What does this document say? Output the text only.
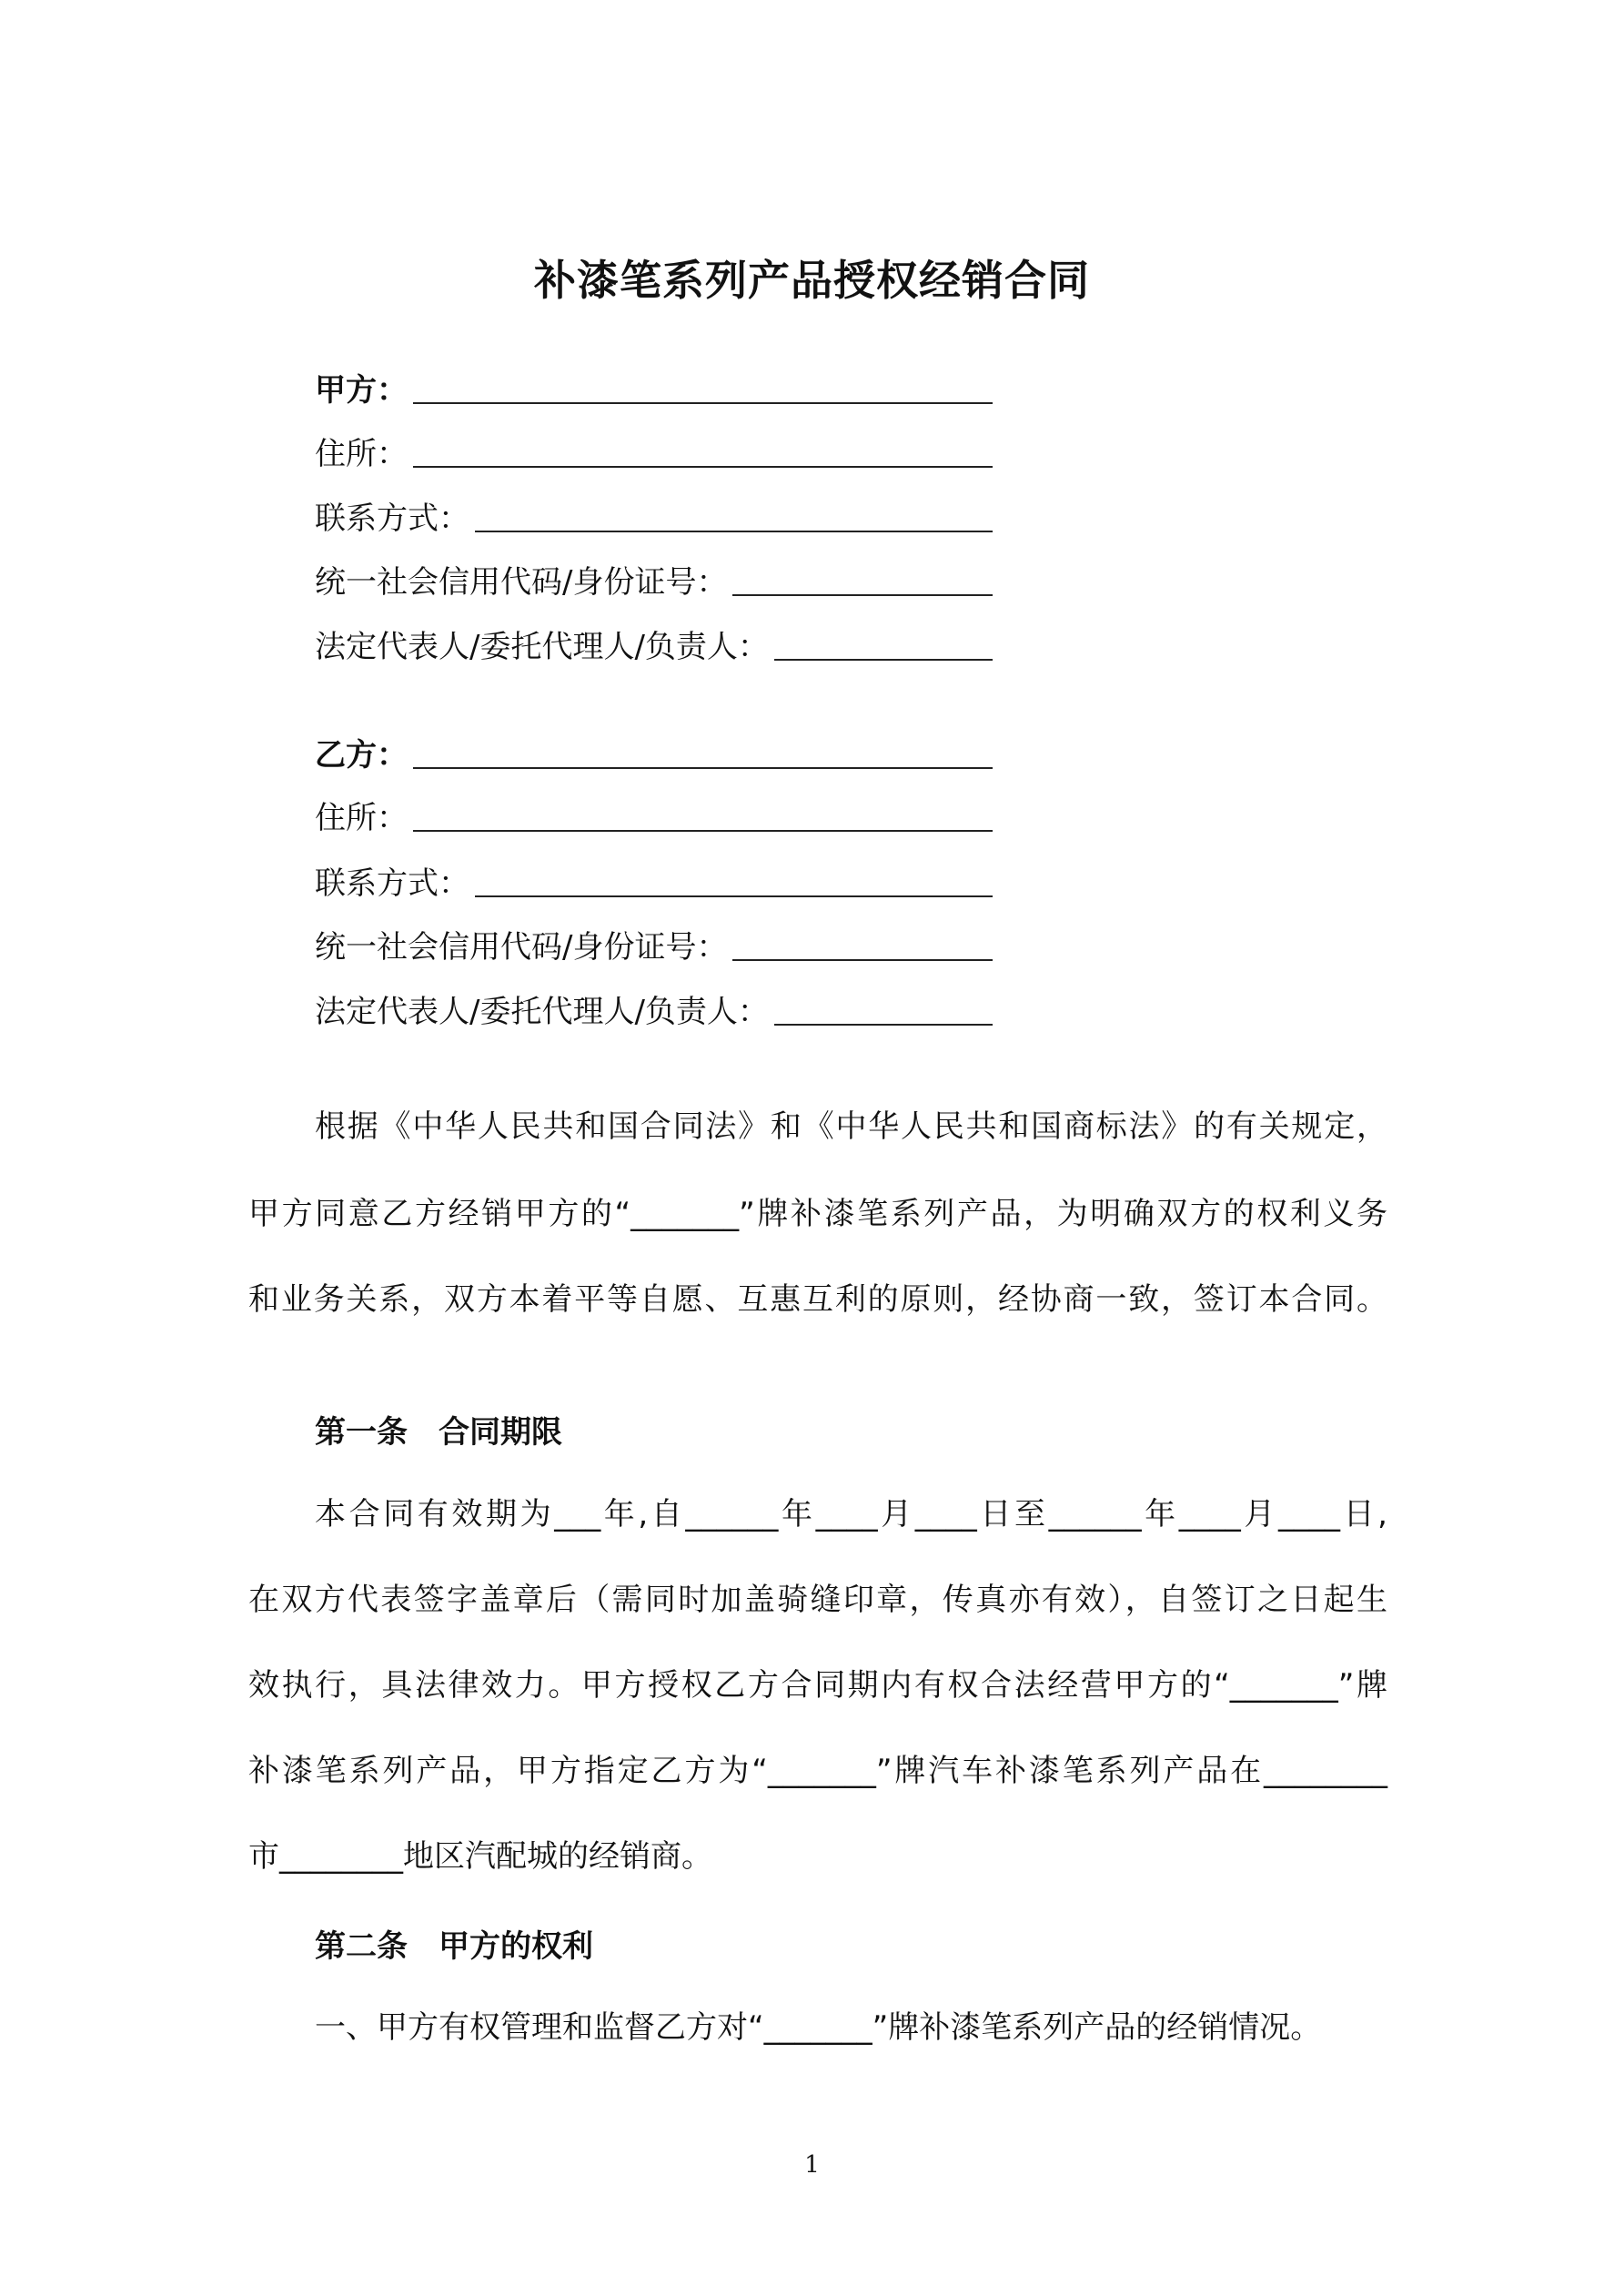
补漆笔系列产品授权经销合同
甲方：
住所：
联系方式：
统一社会信用代码/身份证号：
法定代表人/委托代理人/负责人：
乙方：
住所：
联系方式：
统一社会信用代码/身份证号：
法定代表人/委托代理人/负责人：
根据《中华人民共和国合同法》和《中华人民共和国商标法》的有关规定，
甲方同意乙方经销甲方的“_______”牌补漆笔系列产品，为明确双方的权利义务
和业务关系，双方本着平等自愿、互惠互利的原则，经协商一致，签订本合同。
第一条　合同期限
本合同有效期为___年,自______年____月____日至______年____月____日,
在双方代表签字盖章后（需同时加盖骑缝印章，传真亦有效），自签订之日起生
效执行，具法律效力。甲方授权乙方合同期内有权合法经营甲方的“_______”牌
补漆笔系列产品，甲方指定乙方为“_______”牌汽车补漆笔系列产品在________
市________地区汽配城的经销商。
第二条　甲方的权利
一、甲方有权管理和监督乙方对“_______”牌补漆笔系列产品的经销情况。
1
